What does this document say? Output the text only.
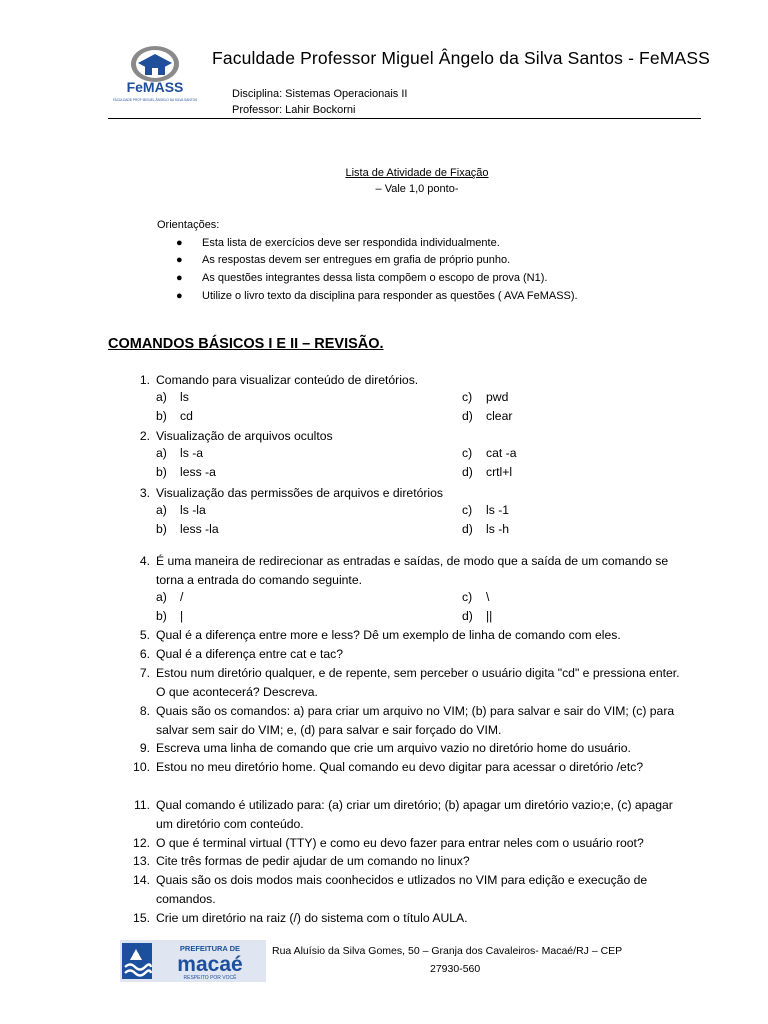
FeMASS
FACULDADE PROF MIGUEL ÂNGELO DA SILVA SANTOS
Faculdade Professor Miguel Ângelo da Silva Santos - FeMASS
Disciplina: Sistemas Operacionais II
Professor: Lahir Bockorni
Lista de Atividade de Fixação
– Vale 1,0 ponto-
Orientações:
● Esta lista de exercícios deve ser respondida individualmente.
● As respostas devem ser entregues em grafia de próprio punho.
● As questões integrantes dessa lista compõem o escopo de prova (N1).
● Utilize o livro texto da disciplina para responder as questões ( AVA FeMASS).
COMANDOS BÁSICOS I E II – REVISÃO.
1. Comando para visualizar conteúdo de diretórios.
a) ls	c) pwd
b) cd	d) clear
2. Visualização de arquivos ocultos
a) ls -a	c) cat -a
b) less -a	d) crtl+l
3. Visualização das permissões de arquivos e diretórios
a) ls -la	c) ls -1
b) less -la	d) ls -h
4. É uma maneira de redirecionar as entradas e saídas, de modo que a saída de um comando se torna a entrada do comando seguinte.
a) /	c) \
b) |	d) ||
5. Qual é a diferença entre more e less? Dê um exemplo de linha de comando com eles.
6. Qual é a diferença entre cat e tac?
7. Estou num diretório qualquer, e de repente, sem perceber o usuário digita "cd" e pressiona enter. O que acontecerá? Descreva.
8. Quais são os comandos: a) para criar um arquivo no VIM; (b) para salvar e sair do VIM; (c) para salvar sem sair do VIM; e, (d) para salvar e sair forçado do VIM.
9. Escreva uma linha de comando que crie um arquivo vazio no diretório home do usuário.
10. Estou no meu diretório home. Qual comando eu devo digitar para acessar o diretório /etc?
11. Qual comando é utilizado para: (a) criar um diretório; (b) apagar um diretório vazio;e, (c) apagar um diretório com conteúdo.
12. O que é terminal virtual (TTY) e como eu devo fazer para entrar neles com o usuário root?
13. Cite três formas de pedir ajudar de um comando no linux?
14. Quais são os dois modos mais coonhecidos e utlizados no VIM para edição e execução de comandos.
15. Crie um diretório na raiz (/) do sistema com o título AULA.
PREFEITURA DE
macaé
RESPEITO POR VOCÊ
Rua Aluísio da Silva Gomes, 50 – Granja dos Cavaleiros- Macaé/RJ – CEP
27930-560
